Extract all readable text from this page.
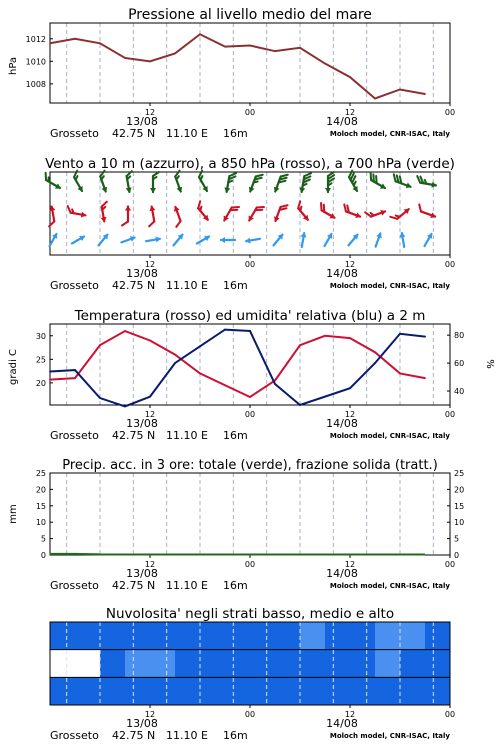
Pressione al livello medio del mare
hPa
1012
1010
1008
12	00	12	00
13/08	14/08
Grosseto 42.75 N 11.10 E 16m	Moloch model, CNR-ISAC, Italy
Vento a 10 m (azzurro), a 850 hPa (rosso), a 700 hPa (verde)
12	00	12	00
13/08	14/08
Grosseto 42.75 N 11.10 E 16m	Moloch model, CNR-ISAC, Italy
Temperatura (rosso) ed umidita' relativa (blu) a 2 m
gradi C	%
30
25
20
80
60
40
12	00	12	00
13/08	14/08
Grosseto 42.75 N 11.10 E 16m	Moloch model, CNR-ISAC, Italy
Precip. acc. in 3 ore: totale (verde), frazione solida (tratt.)
mm
25	25
20	20
15	15
10	10
5	5
0	0
12	00	12	00
13/08	14/08
Grosseto 42.75 N 11.10 E 16m	Moloch model, CNR-ISAC, Italy
Nuvolosita' negli strati basso, medio e alto
12	00	12	00
13/08	14/08
Grosseto 42.75 N 11.10 E 16m	Moloch model, CNR-ISAC, Italy
